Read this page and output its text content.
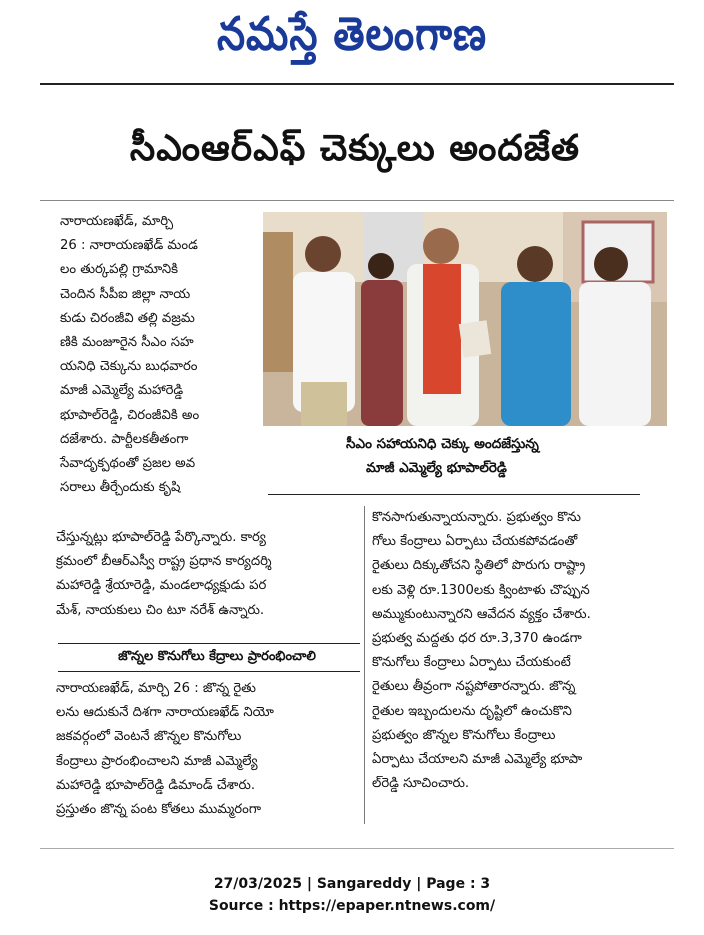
నమస్తే తెలంగాణ
సీఎంఆర్‌ఎఫ్‌ చెక్కులు అందజేత

నారాయణఖేడ్‌, మార్చి

26 : నారాయణఖేడ్‌ మండ

లం తుర్కపల్లి గ్రామానికి

చెందిన సీపీఐ జిల్లా నాయ

కుడు చిరంజీవి తల్లి వజ్రమ

ణికి మంజూరైన సీఎం సహ

యనిధి చెక్కును బుధవారం

మాజీ ఎమ్మెల్యే మహారెడ్డి

భూపాల్‌రెడ్డి, చిరంజీవికి అం

దజేశారు. పార్టీలకతీతంగా

సేవాదృక్పథంతో ప్రజల అవ

సరాలు తీర్చేందుకు కృషి

సీఎం సహాయనిధి చెక్కు అందజేస్తున్న
మాజీ ఎమ్మెల్యే భూపాల్‌రెడ్డి

చేస్తున్నట్లు భూపాల్‌రెడ్డి పేర్కొన్నారు. కార్య

క్రమంలో బీఆర్‌ఎస్వీ రాష్ట్ర ప్రధాన కార్యదర్శి

మహారెడ్డి శ్రేయారెడ్డి, మండలాధ్యక్షుడు పర

మేశ్‌, నాయకులు చిం టూ నరేశ్‌ ఉన్నారు.

జొన్నల కొనుగోలు కేద్రాలు ప్రారంభించాలి

నారాయణఖేడ్‌, మార్చి 26 : జొన్న రైతు

లను ఆదుకునే దిశగా నారాయణఖేడ్‌ నియో

జకవర్గంలో వెంటనే జొన్నల కొనుగోలు

కేంద్రాలు ప్రారంభించాలని మాజీ ఎమ్మెల్యే

మహారెడ్డి భూపాల్‌రెడ్డి డిమాండ్‌ చేశారు.

ప్రస్తుతం జొన్న పంట కోతలు ముమ్మరంగా

కొనసాగుతున్నాయన్నారు. ప్రభుత్వం కొను

గోలు కేంద్రాలు ఏర్పాటు చేయకపోవడంతో

రైతులు దిక్కుతోచని స్థితిలో పొరుగు రాష్ట్రా

లకు వెళ్లి రూ.1300లకు క్వింటాళు చొప్పున

అమ్ముకుంటున్నారని ఆవేదన వ్యక్తం చేశారు.

ప్రభుత్వ మద్దతు ధర రూ.3,370 ఉండగా

కొనుగోలు కేంద్రాలు ఏర్పాటు చేయకుంటే

రైతులు తీవ్రంగా నష్టపోతారన్నారు. జొన్న

రైతుల ఇబ్బందులను దృష్టిలో ఉంచుకొని

ప్రభుత్వం జొన్నల కొనుగోలు కేంద్రాలు

ఏర్పాటు చేయాలని మాజీ ఎమ్మెల్యే భూపా

ల్‌రెడ్డి సూచించారు.

27/03/2025 | Sangareddy | Page : 3
Source : https://epaper.ntnews.com/
